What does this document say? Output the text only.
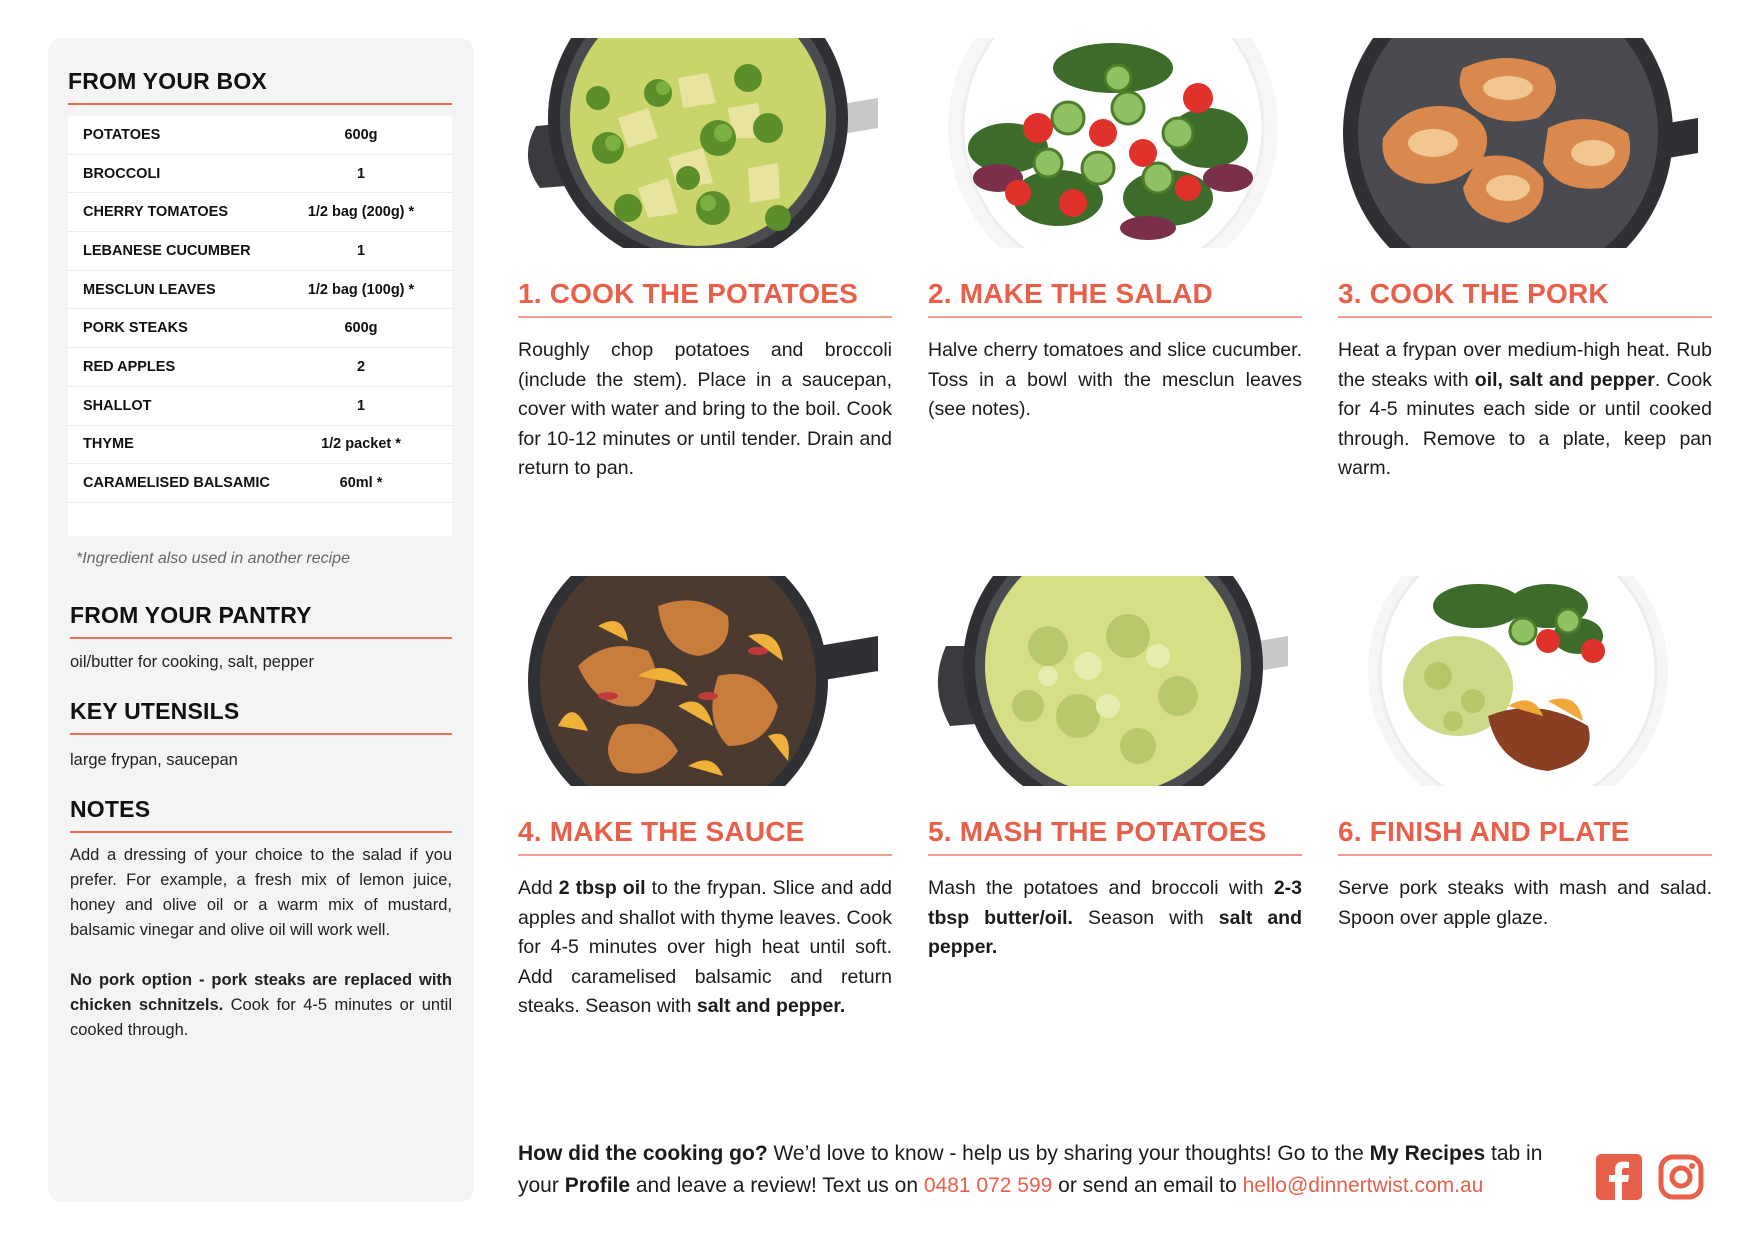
FROM YOUR BOX
POTATOES	600g
BROCCOLI	1
CHERRY TOMATOES	1/2 bag (200g) *
LEBANESE CUCUMBER	1
MESCLUN LEAVES	1/2 bag (100g) *
PORK STEAKS	600g
RED APPLES	2
SHALLOT	1
THYME	1/2 packet *
CARAMELISED BALSAMIC	60ml *
*Ingredient also used in another recipe
FROM YOUR PANTRY
oil/butter for cooking, salt, pepper
KEY UTENSILS
large frypan, saucepan
NOTES
Add a dressing of your choice to the salad if you prefer. For example, a fresh mix of lemon juice, honey and olive oil or a warm mix of mustard, balsamic vinegar and olive oil will work well.
No pork option - pork steaks are replaced with chicken schnitzels. Cook for 4-5 minutes or until cooked through.
1. COOK THE POTATOES
Roughly chop potatoes and broccoli (include the stem). Place in a saucepan, cover with water and bring to the boil. Cook for 10-12 minutes or until tender. Drain and return to pan.
2. MAKE THE SALAD
Halve cherry tomatoes and slice cucumber. Toss in a bowl with the mesclun leaves (see notes).
3. COOK THE PORK
Heat a frypan over medium-high heat. Rub the steaks with oil, salt and pepper. Cook for 4-5 minutes each side or until cooked through. Remove to a plate, keep pan warm.
4. MAKE THE SAUCE
Add 2 tbsp oil to the frypan. Slice and add apples and shallot with thyme leaves. Cook for 4-5 minutes over high heat until soft. Add caramelised balsamic and return steaks. Season with salt and pepper.
5. MASH THE POTATOES
Mash the potatoes and broccoli with 2-3 tbsp butter/oil. Season with salt and pepper.
6. FINISH AND PLATE
Serve pork steaks with mash and salad. Spoon over apple glaze.
How did the cooking go? We’d love to know - help us by sharing your thoughts! Go to the My Recipes tab in your Profile and leave a review! Text us on 0481 072 599 or send an email to hello@dinnertwist.com.au
